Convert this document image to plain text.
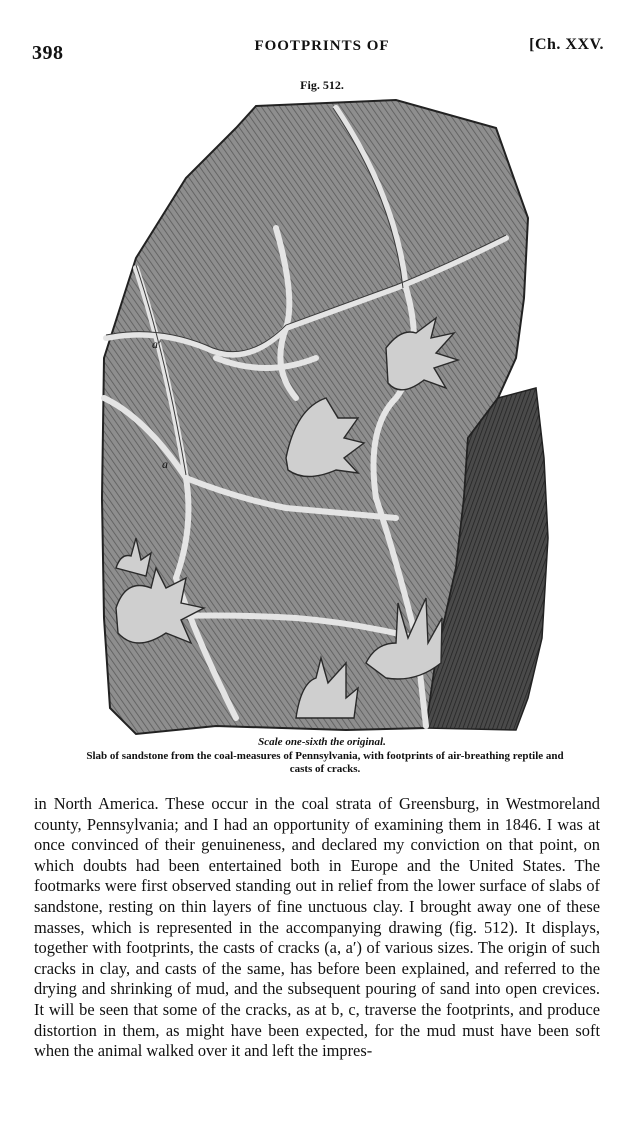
398	FOOTPRINTS OF	[Ch. XXV.
Fig. 512.
a′
a
Scale one-sixth the original.
Slab of sandstone from the coal-measures of Pennsylvania, with footprints of air-breathing reptile and casts of cracks.

in North America. These occur in the coal strata of Greensburg, in Westmoreland county, Pennsylvania; and I had an opportunity of examining them in 1846. I was at once convinced of their genuineness, and declared my conviction on that point, on which doubts had been entertained both in Europe and the United States. The footmarks were first observed standing out in relief from the lower surface of slabs of sandstone, resting on thin layers of fine unctuous clay. I brought away one of these masses, which is represented in the accompanying drawing (fig. 512). It displays, together with footprints, the casts of cracks (a, a′) of various sizes. The origin of such cracks in clay, and casts of the same, has before been explained, and referred to the drying and shrinking of mud, and the subsequent pouring of sand into open crevices. It will be seen that some of the cracks, as at b, c, traverse the footprints, and produce distortion in them, as might have been expected, for the mud must have been soft when the animal walked over it and left the impres-
